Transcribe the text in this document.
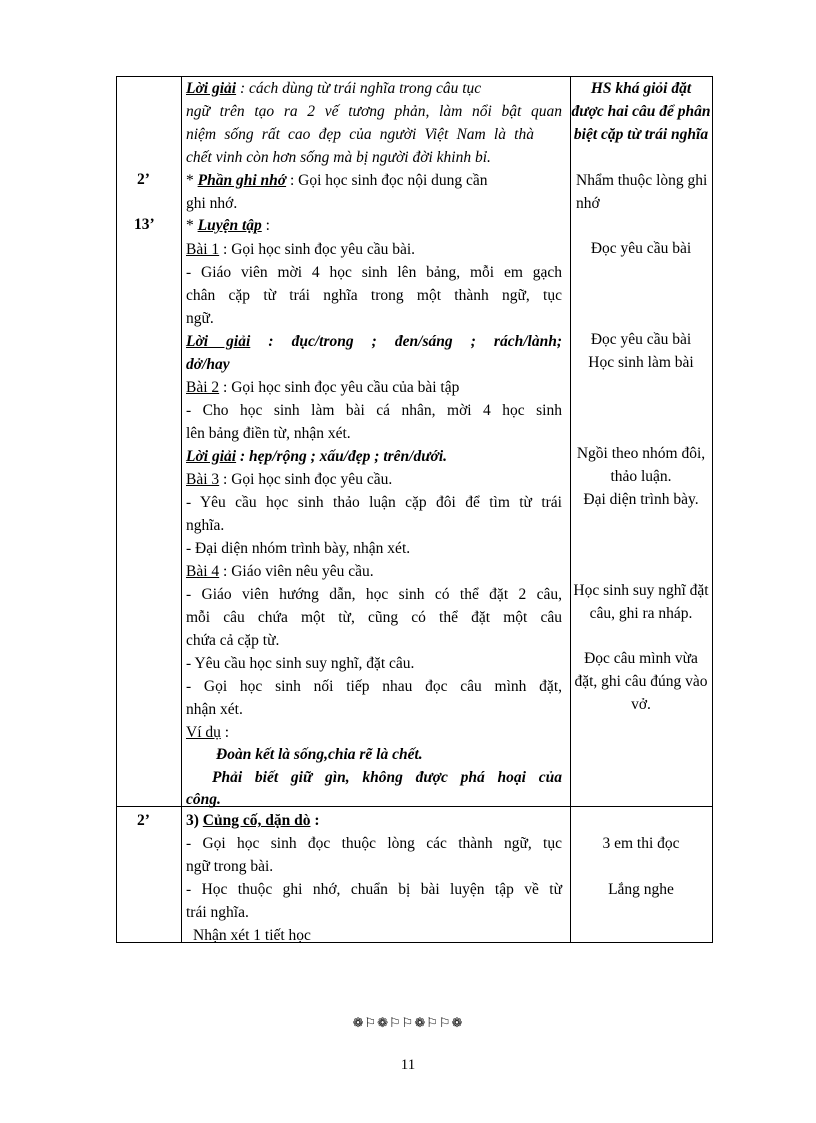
2’
13’
2’
Lời giải : cách dùng từ trái nghĩa trong câu tục
ngữ trên tạo ra 2 vế tương phản, làm nổi bật quan
niệm sống rất cao đẹp của người Việt Nam là thà
chết vinh còn hơn sống mà bị người đời khinh bỉ.
* Phần ghi nhớ : Gọi học sinh đọc nội dung cần
ghi nhớ.
* Luyện tập :
Bài 1 : Gọi học sinh đọc yêu cầu bài.
- Giáo viên mời 4 học sinh lên bảng, mỗi em gạch
chân cặp từ trái nghĩa trong một thành ngữ, tục
ngữ.
Lời giải : đục/trong ; đen/sáng ; rách/lành;
dở/hay
Bài 2 : Gọi học sinh đọc yêu cầu của bài tập
- Cho học sinh làm bài cá nhân, mời 4 học sinh
lên bảng điền từ, nhận xét.
Lời giải : hẹp/rộng ; xấu/đẹp ; trên/dưới.
Bài 3 : Gọi học sinh đọc yêu cầu.
- Yêu cầu học sinh thảo luận cặp đôi để tìm từ trái
nghĩa.
- Đại diện nhóm trình bày, nhận xét.
Bài 4 : Giáo viên nêu yêu cầu.
- Giáo viên hướng dẫn, học sinh có thể đặt 2 câu,
mỗi câu chứa một từ, cũng có thể đặt một câu
chứa cả cặp từ.
- Yêu cầu học sinh suy nghĩ, đặt câu.
- Gọi học sinh nối tiếp nhau đọc câu mình đặt,
nhận xét.
Ví dụ :
Đoàn kết là sống,chia rẽ là chết.
Phải biết giữ gìn, không được phá hoại của
công.
HS khá giỏi đặt
được hai câu để phân
biệt cặp từ trái nghĩa
Nhẩm thuộc lòng ghi
nhớ
Đọc yêu cầu bài
Đọc yêu cầu bài
Học sinh làm bài
Ngồi theo nhóm đôi,
thảo luận.
Đại diện trình bày.
Học sinh suy nghĩ đặt
câu, ghi ra nháp.
Đọc câu mình vừa
đặt, ghi câu đúng vào
vở.
3) Củng cố, dặn dò :
- Gọi học sinh đọc thuộc lòng các thành ngữ, tục
ngữ trong bài.
- Học thuộc ghi nhớ, chuẩn bị bài luyện tập về từ
trái nghĩa.
Nhận xét 1 tiết học
3 em thi đọc
Lắng nghe
❁⚐❁⚐⚐❁⚐⚐❁
11
